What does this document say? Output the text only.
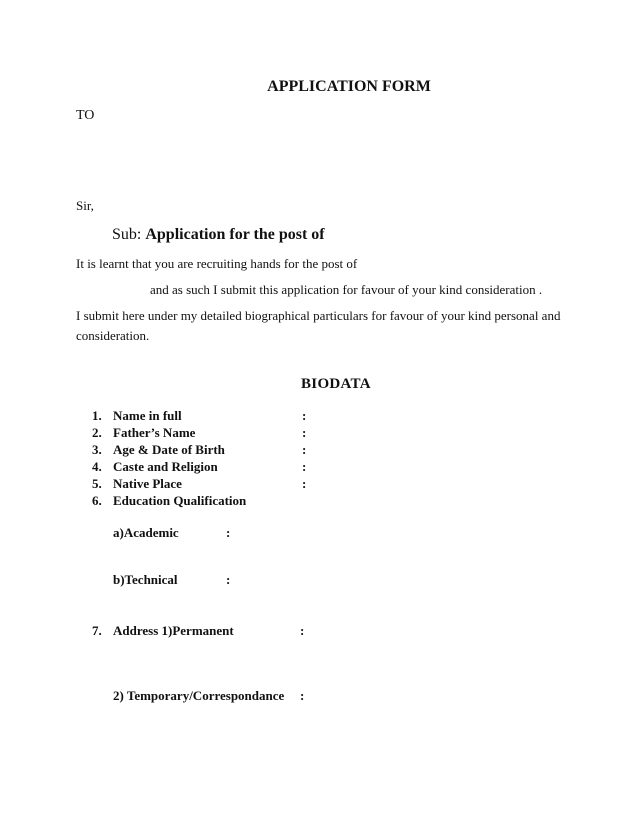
APPLICATION FORM
TO
Sir,
Sub: Application for the post of
It is learnt that you are recruiting hands for the post of
and as such I submit this application for favour of your kind consideration .
I submit here under my detailed biographical particulars for favour of your kind personal and consideration.
BIODATA
1. Name in full	:
2. Father’s Name	:
3. Age & Date of Birth	:
4. Caste and Religion	:
5. Native Place	:
6. Education Qualification
a)Academic	:
b)Technical	:
7. Address 1)Permanent	:
2) Temporary/Correspondance :
